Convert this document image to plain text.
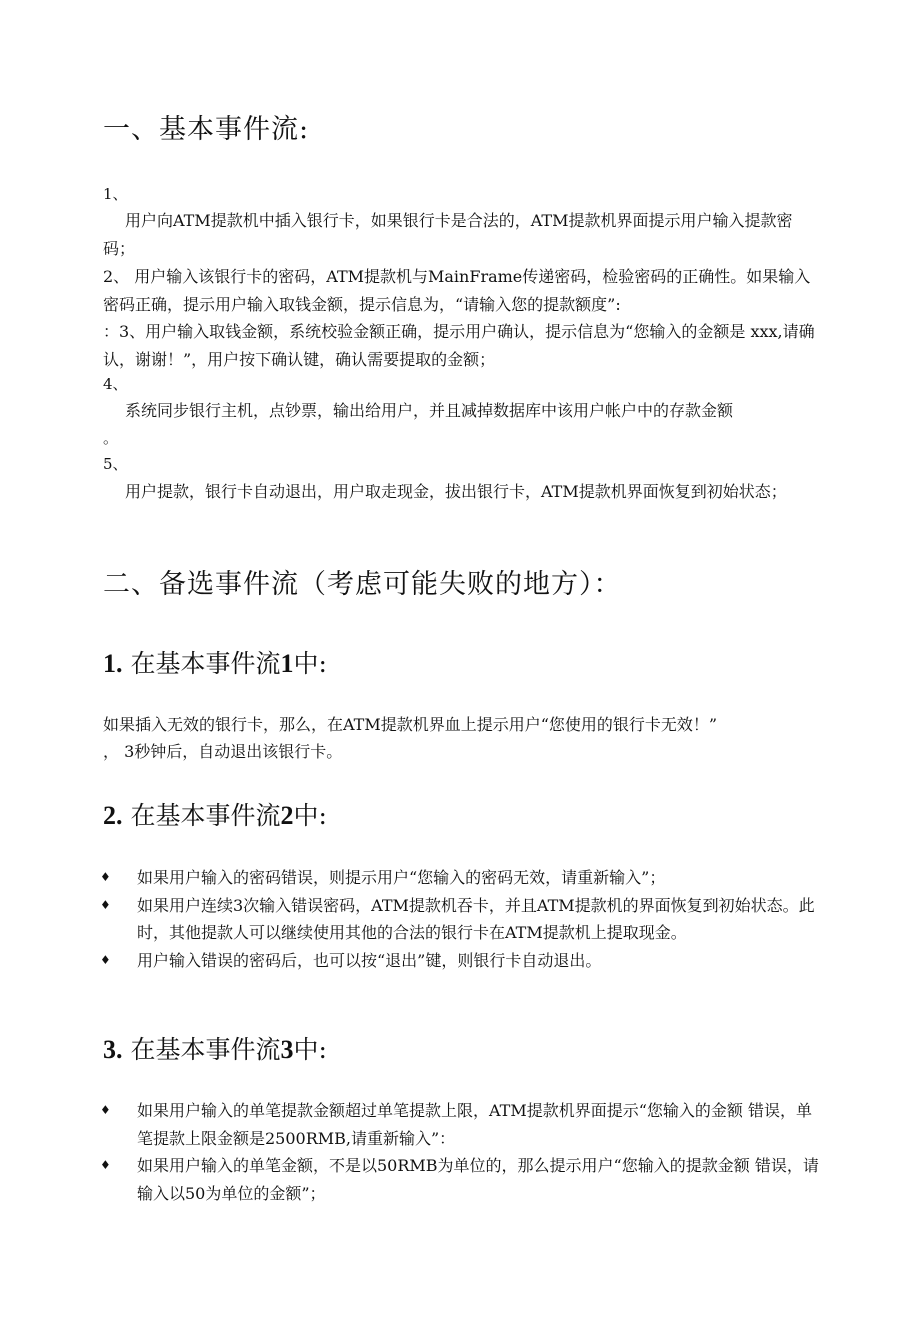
一、基本事件流:
1、

用户向ATM提款机中插入银行卡，如果银行卡是合法的，ATM提款机界面提示用户输入提款密码；

2、 用户输入该银行卡的密码，ATM提款机与MainFrame传递密码，检验密码的正确性。如果输入密码正确，提示用户输入取钱金额，提示信息为，“请输入您的提款额度”:

：3、用户输入取钱金额，系统校验金额正确，提示用户确认，提示信息为“您输入的金额是 xxx,请确认，谢谢！”，用户按下确认键，确认需要提取的金额；

4、

系统同步银行主机，点钞票，输出给用户，并且减掉数据库中该用户帐户中的存款金额

。
5、

用户提款，银行卡自动退出，用户取走现金，拔出银行卡，ATM提款机界面恢复到初始状态；

二、备选事件流（考虑可能失败的地方）：
1. 在基本事件流1中:

如果插入无效的银行卡，那么，在ATM提款机界血上提示用户“您使用的银行卡无效！”

， 3秒钟后，自动退出该银行卡。

2. 在基本事件流2中:
♦ 如果用户输入的密码错误，则提示用户“您输入的密码无效，请重新输入”；
♦ 如果用户连续3次输入错误密码，ATM提款机吞卡，并且ATM提款机的界面恢复到初始状态。此时，其他提款人可以继续使用其他的合法的银行卡在ATM提款机上提取现金。
♦ 用户输入错误的密码后，也可以按“退出”键，则银行卡自动退出。
3. 在基本事件流3中:
♦ 如果用户输入的单笔提款金额超过单笔提款上限，ATM提款机界面提示“您输入的金额 错误，单笔提款上限金额是2500RMB,请重新输入”：
♦ 如果用户输入的单笔金额，不是以50RMB为单位的，那么提示用户“您输入的提款金额 错误，请输入以50为单位的金额”；
